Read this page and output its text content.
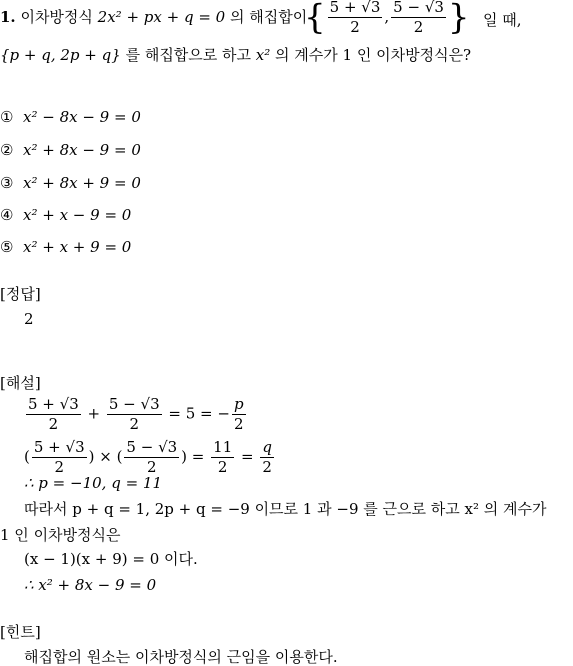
1. 이차방정식 2x² + px + q = 0 의 해집합이
{ $\frac{5 + √3}{2}$ , $\frac{5 - √3}{2}$ } 일 때,
{p + q, 2p + q} 를 해집합으로 하고 x² 의 계수가 1 인 이차방정식은?
① x² − 8x − 9 = 0
② x² + 8x − 9 = 0
③ x² + 8x + 9 = 0
④ x² + x − 9 = 0
⑤ x² + x + 9 = 0
[정답]
2
[해설]
$\frac{5 + √3}{2} + \frac{5 - √3}{2} = 5$ = − $\frac{p}{2}$
( $\frac{5 + √3}{2}$ ) × ( $\frac{5 - √3}{2}$ ) = $\frac{11}{2} = \frac{q}{2}$
∴ p = −10, q = 11
따라서 p + q = 1, 2p + q = −9 이므로 1 과 −9 를 근으로 하고 x² 의 계수가
1 인 이차방정식은
(x − 1)(x + 9) = 0 이다.
∴ x² + 8x − 9 = 0
[힌트]
해집합의 원소는 이차방정식의 근임을 이용한다.
